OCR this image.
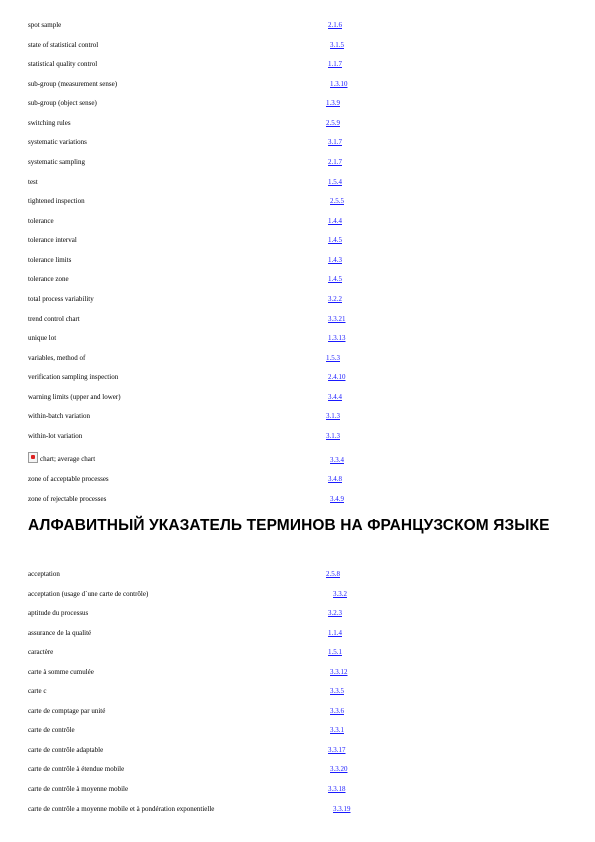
spot sample	2.1.6
state of statistical control	3.1.5
statistical quality control	1.1.7
sub-group (measurement sense)	1.3.10
sub-group (object sense)	1.3.9
switching rules	2.5.9
systematic variations	3.1.7
systematic sampling	2.1.7
test	1.5.4
tightened inspection	2.5.5
tolerance	1.4.4
tolerance interval	1.4.5
tolerance limits	1.4.3
tolerance zone	1.4.5
total process variability	3.2.2
trend control chart	3.3.21
unique lot	1.3.13
variables, method of	1.5.3
verification sampling inspection	2.4.10
warning limits (upper and lower)	3.4.4
within-batch variation	3.1.3
within-lot variation	3.1.3
chart; average chart	3.3.4
zone of acceptable processes	3.4.8
zone of rejectable processes	3.4.9
АЛФАВИТНЫЙ УКАЗАТЕЛЬ ТЕРМИНОВ НА ФРАНЦУЗСКОМ ЯЗЫКЕ
acceptation	2.5.8
acceptation (usage d´une carte de contrôle)	3.3.2
aptitude du processus	3.2.3
assurance de la qualité	1.1.4
caractère	1.5.1
carte à somme cumulée	3.3.12
carte c	3.3.5
carte de comptage par unité	3.3.6
carte de contrôle	3.3.1
carte de contrôle adaptable	3.3.17
carte de contrôle à étendue mobile	3.3.20
carte de contrôle à moyenne mobile	3.3.18
carte de contrôle a moyenne mobile et à pondération exponentielle	3.3.19
